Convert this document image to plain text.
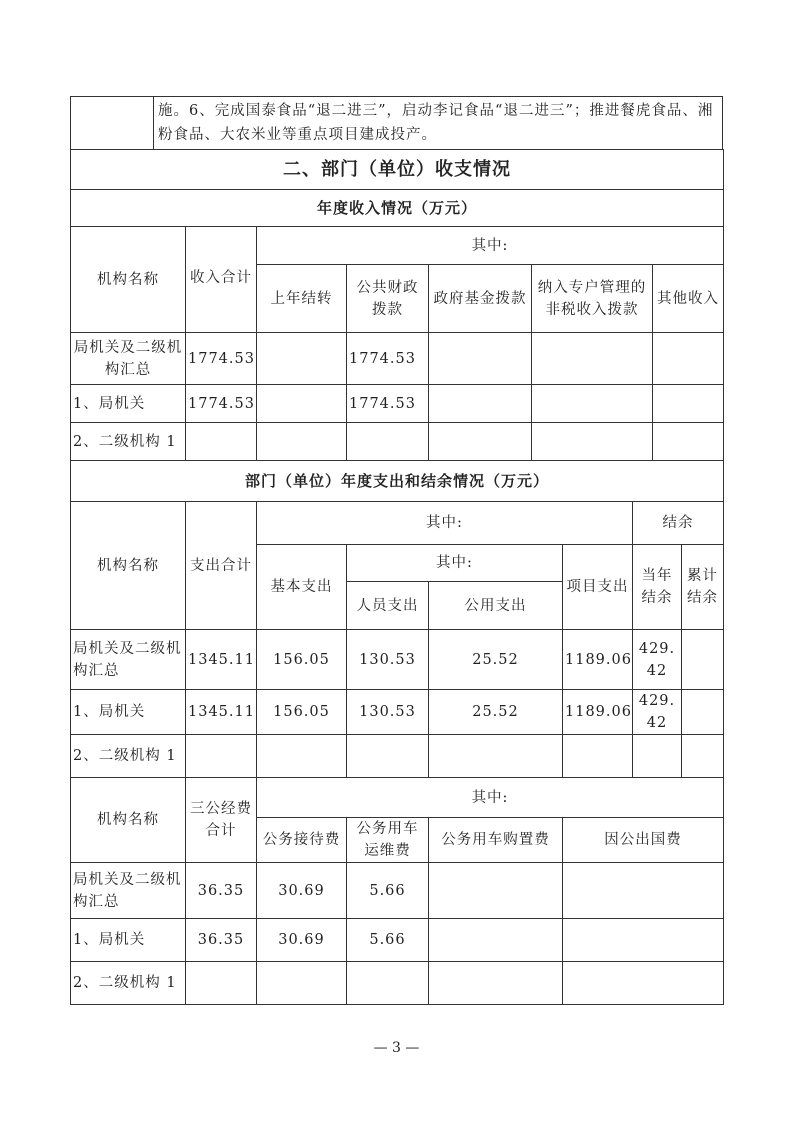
	施。6、完成国泰食品“退二进三”，启动李记食品“退二进三”；推进餐虎食品、湘粉食品、大农米业等重点项目建成投产。
二、部门（单位）收支情况						
年度收入情况（万元）						
机构名称	收入合计	其中:				
		上年结转	公共财政拨款	政府基金拨款	纳入专户管理的非税收入拨款	其他收入
局机关及二级机构汇总	1774.53		1774.53			
1、局机关	1774.53		1774.53			
2、二级机构 1						
部门（单位）年度支出和结余情况（万元）							
机构名称	支出合计	其中:				结余	
		基本支出	其中:		项目支出	当年结余	累计结余
			人员支出	公用支出			
局机关及二级机构汇总	1345.11	156.05	130.53	25.52	1189.06	429.42	
1、局机关	1345.11	156.05	130.53	25.52	1189.06	429.42	
2、二级机构 1							
机构名称	三公经费合计	其中:			
		公务接待费	公务用车运维费	公务用车购置费	因公出国费
局机关及二级机构汇总	36.35	30.69	5.66		
1、局机关	36.35	30.69	5.66		
2、二级机构 1					
— 3 —
